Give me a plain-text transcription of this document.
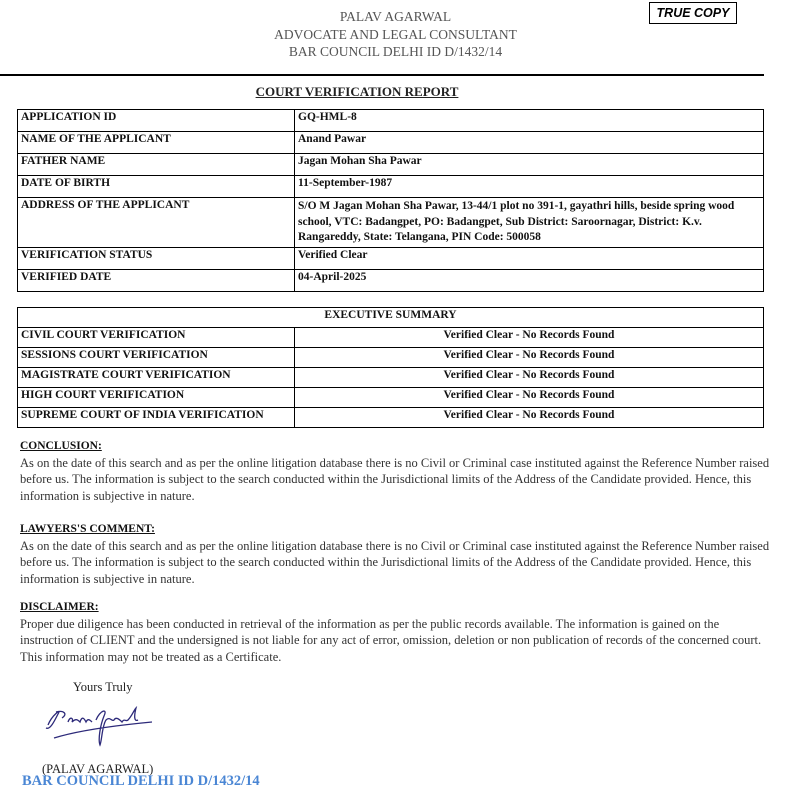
PALAV AGARWAL
ADVOCATE AND LEGAL CONSULTANT
BAR COUNCIL DELHI ID D/1432/14
TRUE COPY
COURT VERIFICATION REPORT
APPLICATION ID	GQ-HML-8
NAME OF THE APPLICANT	Anand Pawar
FATHER NAME	Jagan Mohan Sha Pawar
DATE OF BIRTH	11-September-1987
ADDRESS OF THE APPLICANT	S/O M Jagan Mohan Sha Pawar, 13-44/1 plot no 391-1, gayathri hills, beside spring wood school, VTC: Badangpet, PO: Badangpet, Sub District: Saroornagar, District: K.v. Rangareddy, State: Telangana, PIN Code: 500058
VERIFICATION STATUS	Verified Clear
VERIFIED DATE	04-April-2025
EXECUTIVE SUMMARY	
CIVIL COURT VERIFICATION	Verified Clear - No Records Found
SESSIONS COURT VERIFICATION	Verified Clear - No Records Found
MAGISTRATE COURT VERIFICATION	Verified Clear - No Records Found
HIGH COURT VERIFICATION	Verified Clear - No Records Found
SUPREME COURT OF INDIA VERIFICATION	Verified Clear - No Records Found
CONCLUSION:

As on the date of this search and as per the online litigation database there is no Civil or Criminal case instituted against the Reference Number raised before us. The information is subject to the search conducted within the Jurisdictional limits of the Address of the Candidate provided. Hence, this information is subjective in nature.

LAWYERS'S COMMENT:

As on the date of this search and as per the online litigation database there is no Civil or Criminal case instituted against the Reference Number raised before us. The information is subject to the search conducted within the Jurisdictional limits of the Address of the Candidate provided. Hence, this information is subjective in nature.

DISCLAIMER:

Proper due diligence has been conducted in retrieval of the information as per the public records available. The information is gained on the instruction of CLIENT and the undersigned is not liable for any act of error, omission, deletion or non publication of records of the concerned court. This information may not be treated as a Certificate.

Yours Truly
(PALAV AGARWAL)
BAR COUNCIL DELHI ID D/1432/14
